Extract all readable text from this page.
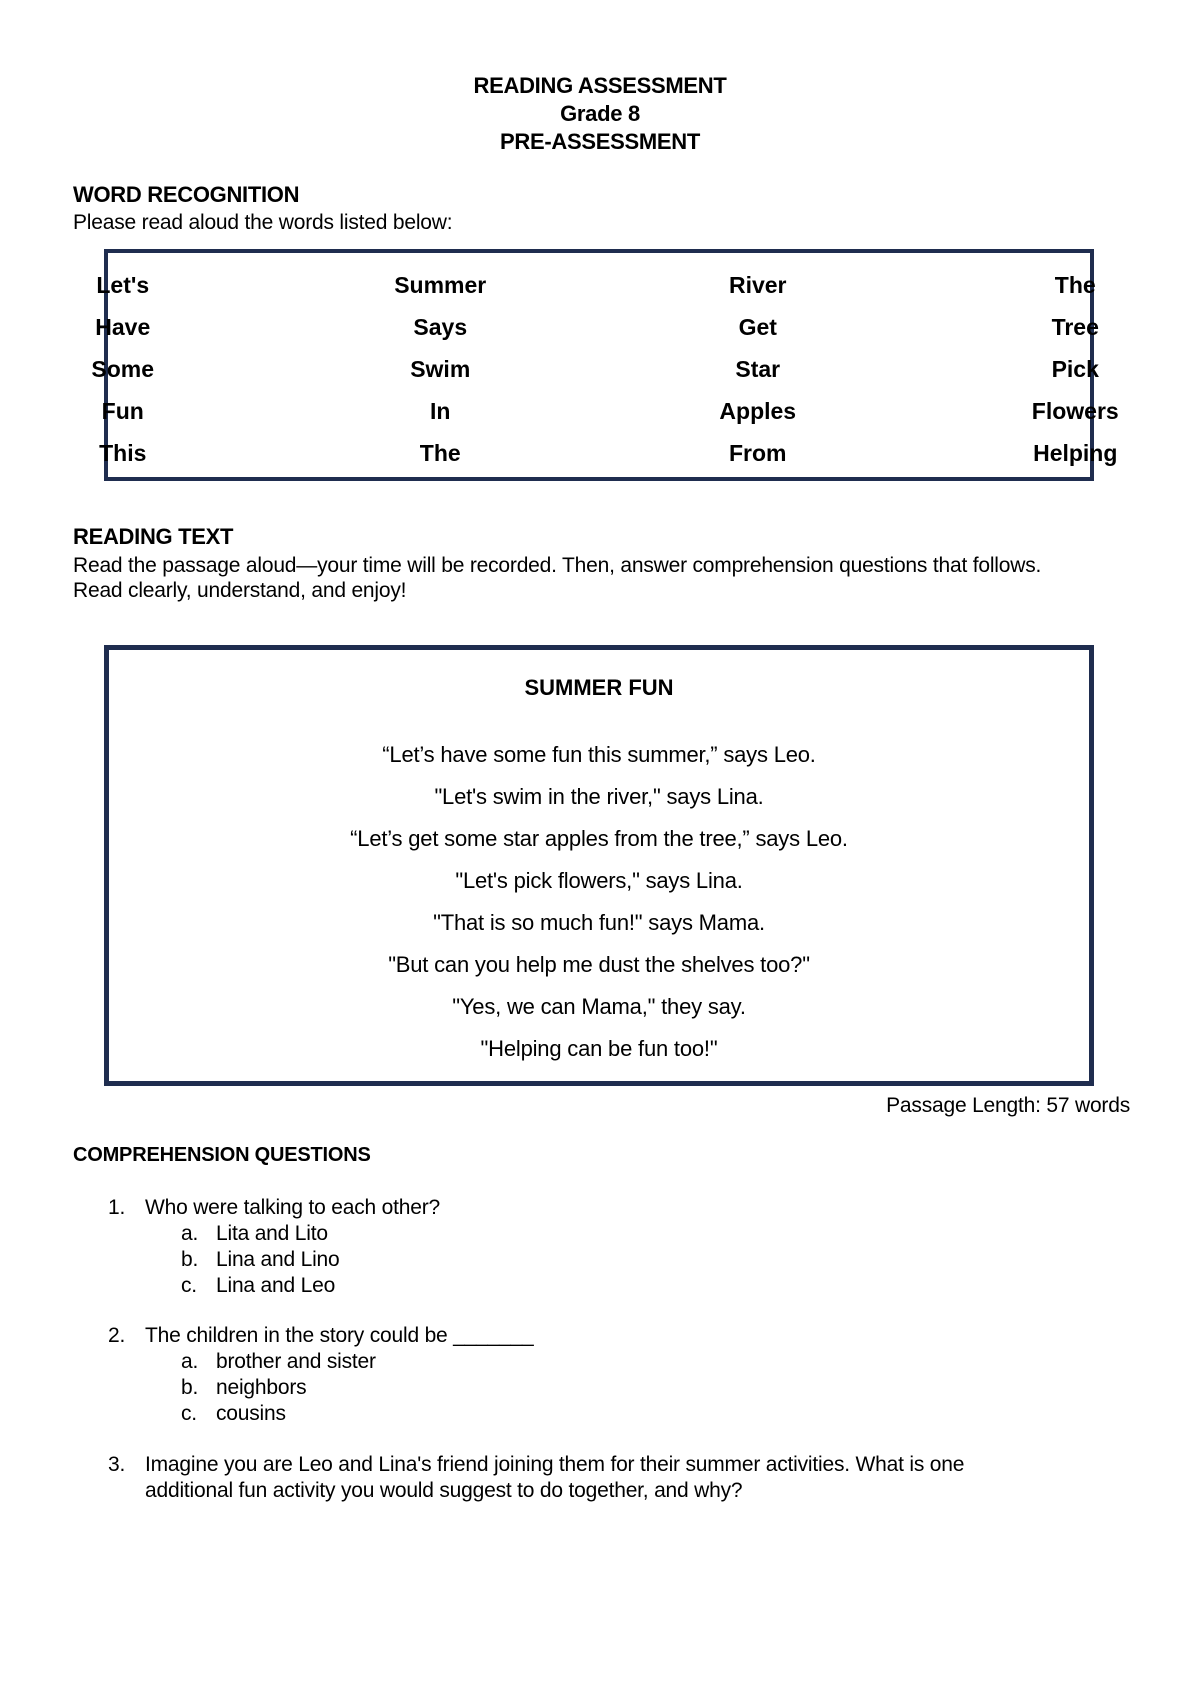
READING ASSESSMENT
Grade 8
PRE-ASSESSMENT
WORD RECOGNITION
Please read aloud the words listed below:
Let's	Summer	River	The
Have	Says	Get	Tree
Some	Swim	Star	Pick
Fun	In	Apples	Flowers
This	The	From	Helping
READING TEXT
Read the passage aloud—your time will be recorded. Then, answer comprehension questions that follows.
Read clearly, understand, and enjoy!
SUMMER FUN
“Let’s have some fun this summer,” says Leo.
"Let's swim in the river," says Lina.
“Let’s get some star apples from the tree,” says Leo.
"Let's pick flowers," says Lina.
"That is so much fun!" says Mama.
"But can you help me dust the shelves too?"
"Yes, we can Mama," they say.
"Helping can be fun too!"
Passage Length: 57 words
COMPREHENSION QUESTIONS
1. Who were talking to each other?
a. Lita and Lito
b. Lina and Lino
c. Lina and Leo
2. The children in the story could be _______
a. brother and sister
b. neighbors
c. cousins
3. Imagine you are Leo and Lina's friend joining them for their summer activities. What is one additional fun activity you would suggest to do together, and why?
